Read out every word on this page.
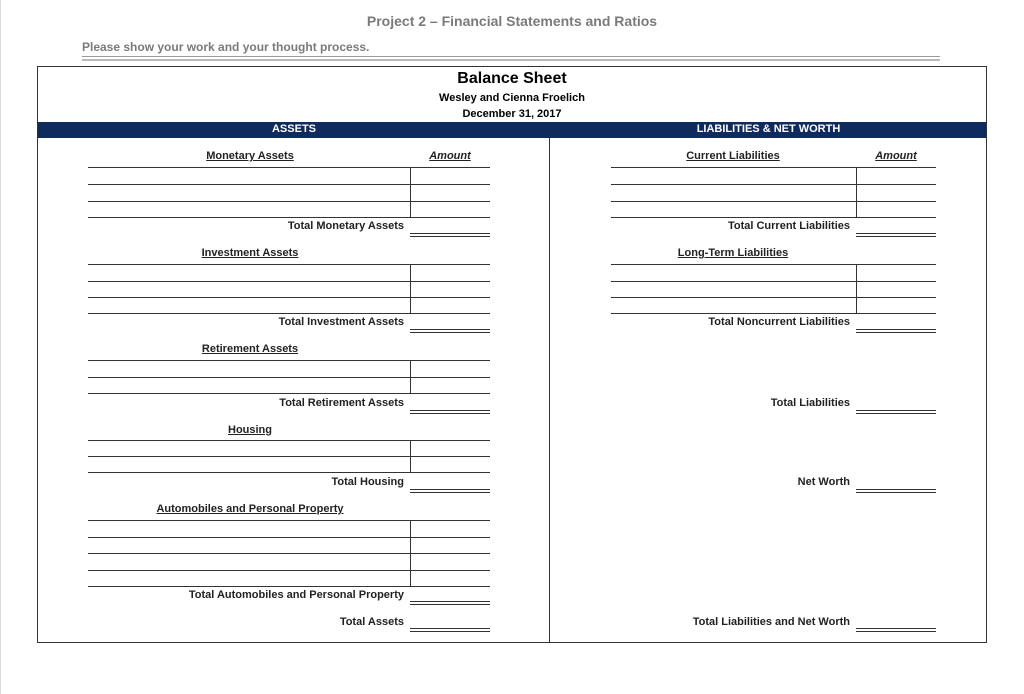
Project 2 – Financial Statements and Ratios
Please show your work and your thought process.
Balance Sheet
Wesley and Cienna Froelich
December 31, 2017
ASSETS	LIABILITIES & NET WORTH
Monetary Assets	Amount
Total Monetary Assets
Investment Assets
Total Investment Assets
Retirement Assets
Total Retirement Assets
Housing
Total Housing
Automobiles and Personal Property
Total Automobiles and Personal Property
Total Assets
Current Liabilities	Amount
Total Current Liabilities
Long-Term Liabilities
Total Noncurrent Liabilities
Total Liabilities
Net Worth
Total Liabilities and Net Worth
